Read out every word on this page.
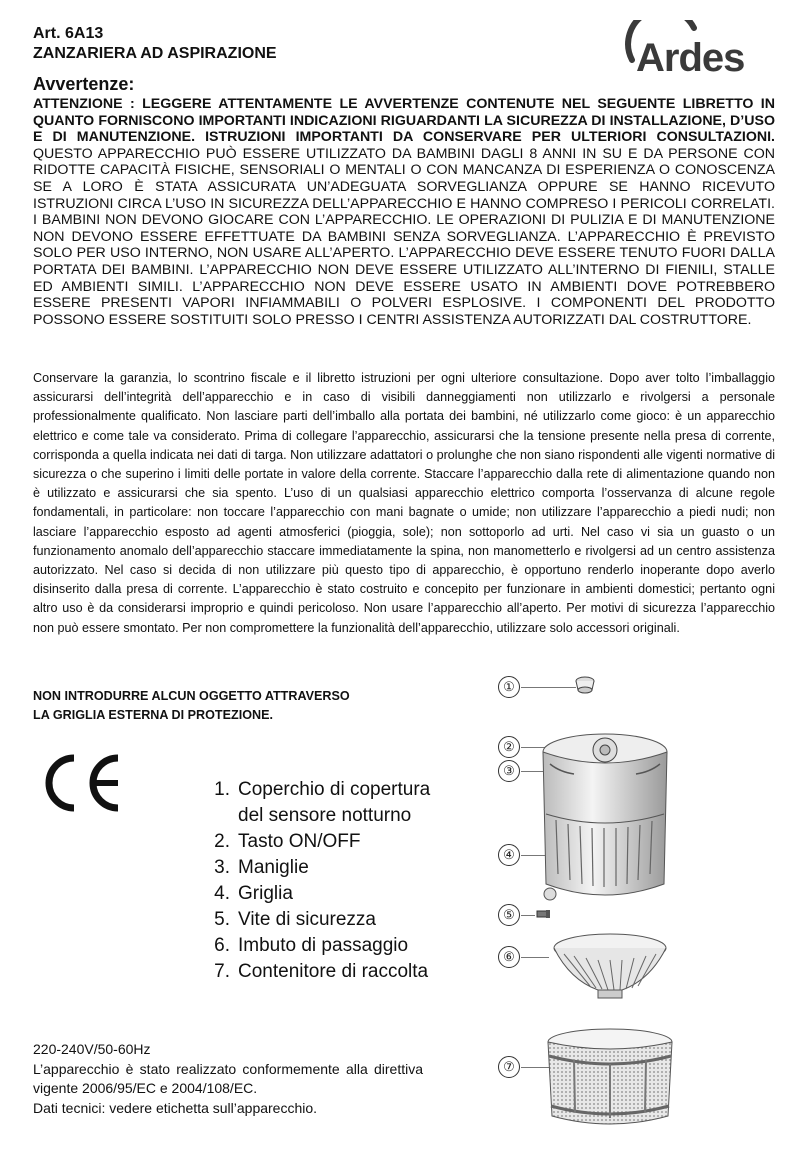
Art. 6A13
ZANZARIERA AD ASPIRAZIONE	Ardes
Avvertenze:
ATTENZIONE : LEGGERE ATTENTAMENTE LE AVVERTENZE CONTENUTE NEL SEGUENTE LIBRETTO IN QUANTO FORNISCONO IMPORTANTI INDICAZIONI RIGUARDANTI LA SICUREZZA DI INSTALLAZIONE, D’USO E DI MANUTENZIONE. ISTRUZIONI IMPORTANTI DA CONSERVARE PER ULTERIORI CONSULTAZIONI. QUESTO APPARECCHIO PUÒ ESSERE UTILIZZATO DA BAMBINI DAGLI 8 ANNI IN SU E DA PERSONE CON RIDOTTE CAPACITÀ FISICHE, SENSORIALI O MENTALI O CON MANCANZA DI ESPERIENZA O CONOSCENZA SE A LORO È STATA ASSICURATA UN’ADEGUATA SORVEGLIANZA OPPURE SE HANNO RICEVUTO ISTRUZIONI CIRCA L’USO IN SICUREZZA DELL’APPARECCHIO E HANNO COMPRESO I PERICOLI CORRELATI. I BAMBINI NON DEVONO GIOCARE CON L’APPARECCHIO. LE OPERAZIONI DI PULIZIA E DI MANUTENZIONE NON DEVONO ESSERE EFFETTUATE DA BAMBINI SENZA SORVEGLIANZA. L’APPARECCHIO È PREVISTO SOLO PER USO INTERNO, NON USARE ALL’APERTO. L’APPARECCHIO DEVE ESSERE TENUTO FUORI DALLA PORTATA DEI BAMBINI. L’APPARECCHIO NON DEVE ESSERE UTILIZZATO ALL’INTERNO DI FIENILI, STALLE ED AMBIENTI SIMILI. L’APPARECCHIO NON DEVE ESSERE USATO IN AMBIENTI DOVE POTREBBERO ESSERE PRESENTI VAPORI INFIAMMABILI O POLVERI ESPLOSIVE. I COMPONENTI DEL PRODOTTO POSSONO ESSERE SOSTITUITI SOLO PRESSO I CENTRI ASSISTENZA AUTORIZZATI DAL COSTRUTTORE.
Conservare la garanzia, lo scontrino fiscale e il libretto istruzioni per ogni ulteriore consultazione. Dopo aver tolto l’imballaggio assicurarsi dell’integrità dell’apparecchio e in caso di visibili danneggiamenti non utilizzarlo e rivolgersi a personale professionalmente qualificato. Non lasciare parti dell’imballo alla portata dei bambini, né utilizzarlo come gioco: è un apparecchio elettrico e come tale va considerato. Prima di collegare l’apparecchio, assicurarsi che la tensione presente nella presa di corrente, corrisponda a quella indicata nei dati di targa. Non utilizzare adattatori o prolunghe che non siano rispondenti alle vigenti normative di sicurezza o che superino i limiti delle portate in valore della corrente. Staccare l’apparecchio dalla rete di alimentazione quando non è utilizzato e assicurarsi che sia spento. L’uso di un qualsiasi apparecchio elettrico comporta l’osservanza di alcune regole fondamentali, in particolare: non toccare l’apparecchio con mani bagnate o umide; non utilizzare l’apparecchio a piedi nudi; non lasciare l’apparecchio esposto ad agenti atmosferici (pioggia, sole); non sottoporlo ad urti. Nel caso vi sia un guasto o un funzionamento anomalo dell’apparecchio staccare immediatamente la spina, non manometterlo e rivolgersi ad un centro assistenza autorizzato. Nel caso si decida di non utilizzare più questo tipo di apparecchio, è opportuno renderlo inoperante dopo averlo disinserito dalla presa di corrente. L’apparecchio è stato costruito e concepito per funzionare in ambienti domestici; pertanto ogni altro uso è da considerarsi improprio e quindi pericoloso. Non usare l’apparecchio all’aperto. Per motivi di sicurezza l’apparecchio non può essere smontato. Per non compromettere la funzionalità dell’apparecchio, utilizzare solo accessori originali.
NON INTRODURRE ALCUN OGGETTO ATTRAVERSO
LA GRIGLIA ESTERNA DI PROTEZIONE.
1. Coperchio di copertura del sensore notturno
2. Tasto ON/OFF
3. Maniglie
4. Griglia
5. Vite di sicurezza
6. Imbuto di passaggio
7. Contenitore di raccolta
①
②
③
④
⑤
⑥
⑦
220-240V/50-60Hz
L’apparecchio è stato realizzato conformemente alla direttiva vigente 2006/95/EC e 2004/108/EC.
Dati tecnici: vedere etichetta sull’apparecchio.
